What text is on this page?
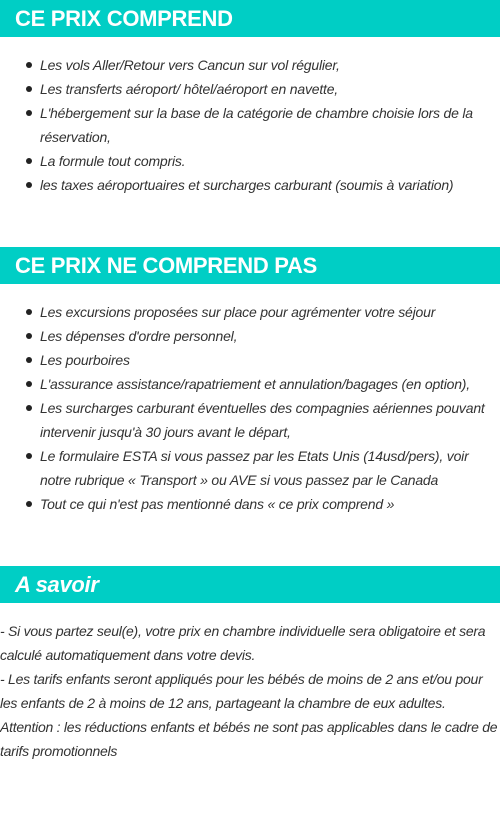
CE PRIX COMPREND
Les vols Aller/Retour vers Cancun sur vol régulier,
Les transferts aéroport/ hôtel/aéroport en navette,
L'hébergement sur la base de la catégorie de chambre choisie lors de la réservation,
La formule tout compris.
les taxes aéroportuaires et surcharges carburant (soumis à variation)
CE PRIX NE COMPREND PAS
Les excursions proposées sur place pour agrémenter votre séjour
Les dépenses d'ordre personnel,
Les pourboires
L'assurance assistance/rapatriement et annulation/bagages (en option),
Les surcharges carburant éventuelles des compagnies aériennes pouvant intervenir jusqu'à 30 jours avant le départ,
Le formulaire ESTA si vous passez par les Etats Unis (14usd/pers), voir notre rubrique « Transport » ou AVE si vous passez par le Canada
Tout ce qui n'est pas mentionné dans « ce prix comprend »
A savoir

- Si vous partez seul(e), votre prix en chambre individuelle sera obligatoire et sera calculé automatiquement dans votre devis.

- Les tarifs enfants seront appliqués pour les bébés de moins de 2 ans et/ou pour les enfants de 2 à moins de 12 ans, partageant la chambre de eux adultes.

Attention : les réductions enfants et bébés ne sont pas applicables dans le cadre de tarifs promotionnels
